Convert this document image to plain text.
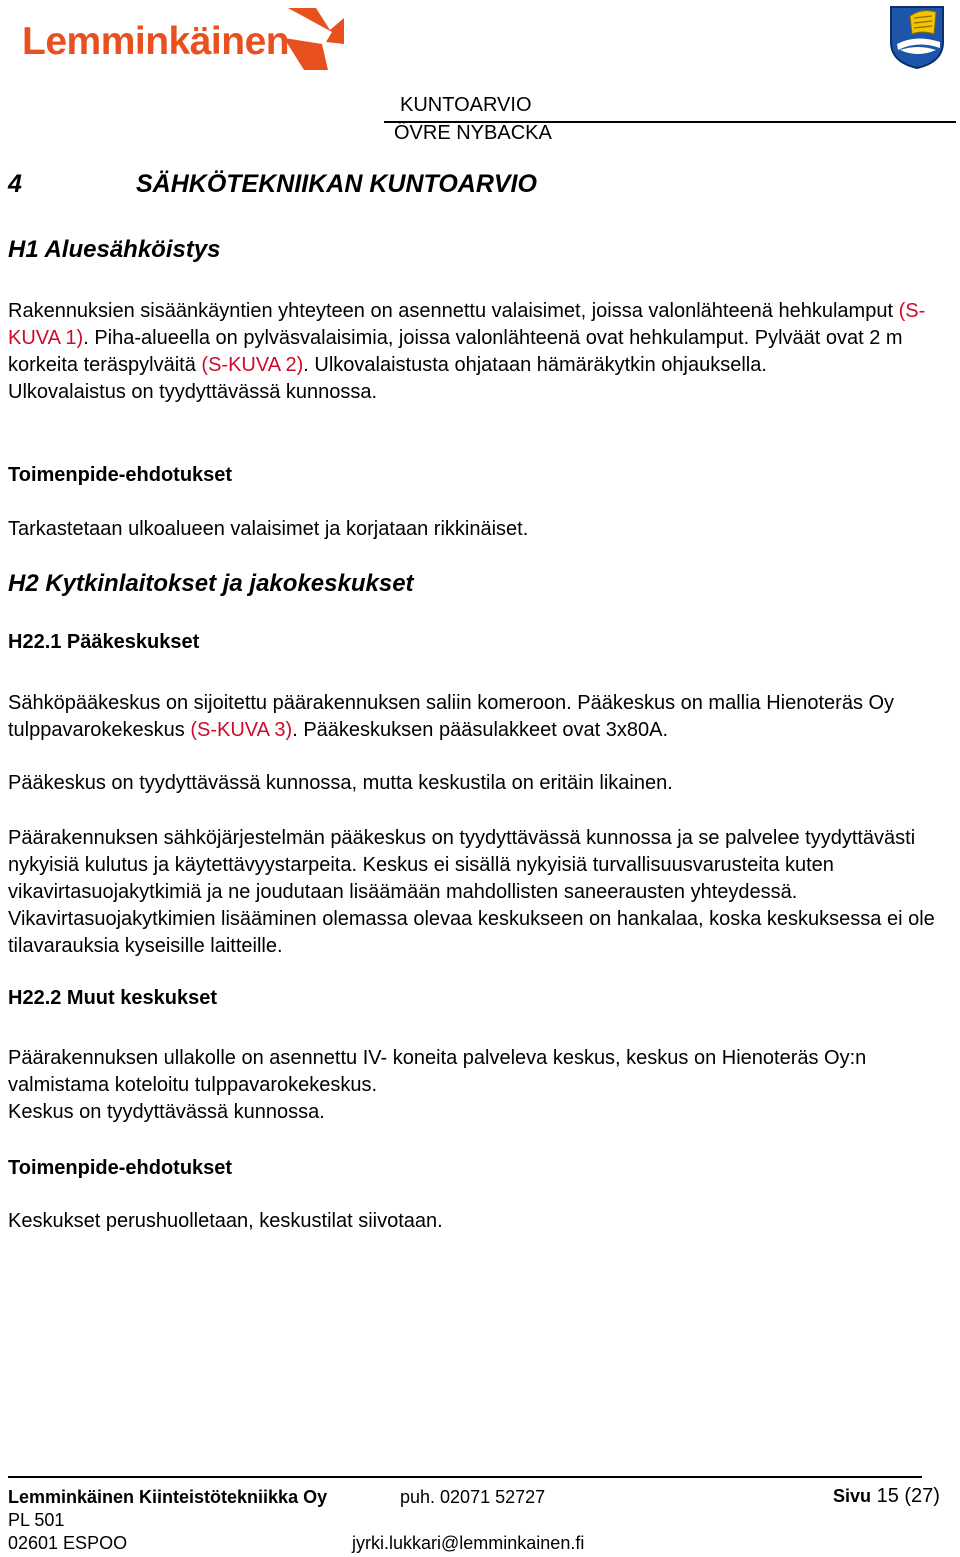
Lemminkäinen
KUNTOARVIO
ÖVRE NYBACKA
4	SÄHKÖTEKNIIKAN KUNTOARVIO
H1 Aluesähköistys
Rakennuksien sisäänkäyntien yhteyteen on asennettu valaisimet, joissa valonlähteenä hehkulamput (S-KUVA 1). Piha-alueella on pylväsvalaisimia, joissa valonlähteenä ovat hehkulamput. Pylväät ovat 2 m korkeita teräspylväitä (S-KUVA 2). Ulkovalaistusta ohjataan hämäräkytkin ohjauksella.
Ulkovalaistus on tyydyttävässä kunnossa.
Toimenpide-ehdotukset
Tarkastetaan ulkoalueen valaisimet ja korjataan rikkinäiset.
H2 Kytkinlaitokset ja jakokeskukset
H22.1 Pääkeskukset
Sähköpääkeskus on sijoitettu päärakennuksen saliin komeroon. Pääkeskus on mallia Hienoteräs Oy tulppavarokekeskus (S-KUVA 3). Pääkeskuksen pääsulakkeet ovat 3x80A.
Pääkeskus on tyydyttävässä kunnossa, mutta keskustila on eritäin likainen.
Päärakennuksen sähköjärjestelmän pääkeskus on tyydyttävässä kunnossa ja se palvelee tyydyttävästi nykyisiä kulutus ja käytettävyystarpeita. Keskus ei sisällä nykyisiä turvallisuusvarusteita kuten vikavirtasuojakytkimiä ja ne joudutaan lisäämään mahdollisten saneerausten yhteydessä. Vikavirtasuojakytkimien lisääminen olemassa olevaa keskukseen on hankalaa, koska keskuksessa ei ole tilavarauksia kyseisille laitteille.
H22.2 Muut keskukset
Päärakennuksen ullakolle on asennettu IV- koneita palveleva keskus, keskus on Hienoteräs Oy:n valmistama koteloitu tulppavarokekeskus.
Keskus on tyydyttävässä kunnossa.
Toimenpide-ehdotukset
Keskukset perushuolletaan, keskustilat siivotaan.
Lemminkäinen Kiinteistötekniikka Oy	puh. 02071 52727	Sivu 15 (27)
PL 501
02601 ESPOO	jyrki.lukkari@lemminkainen.fi
